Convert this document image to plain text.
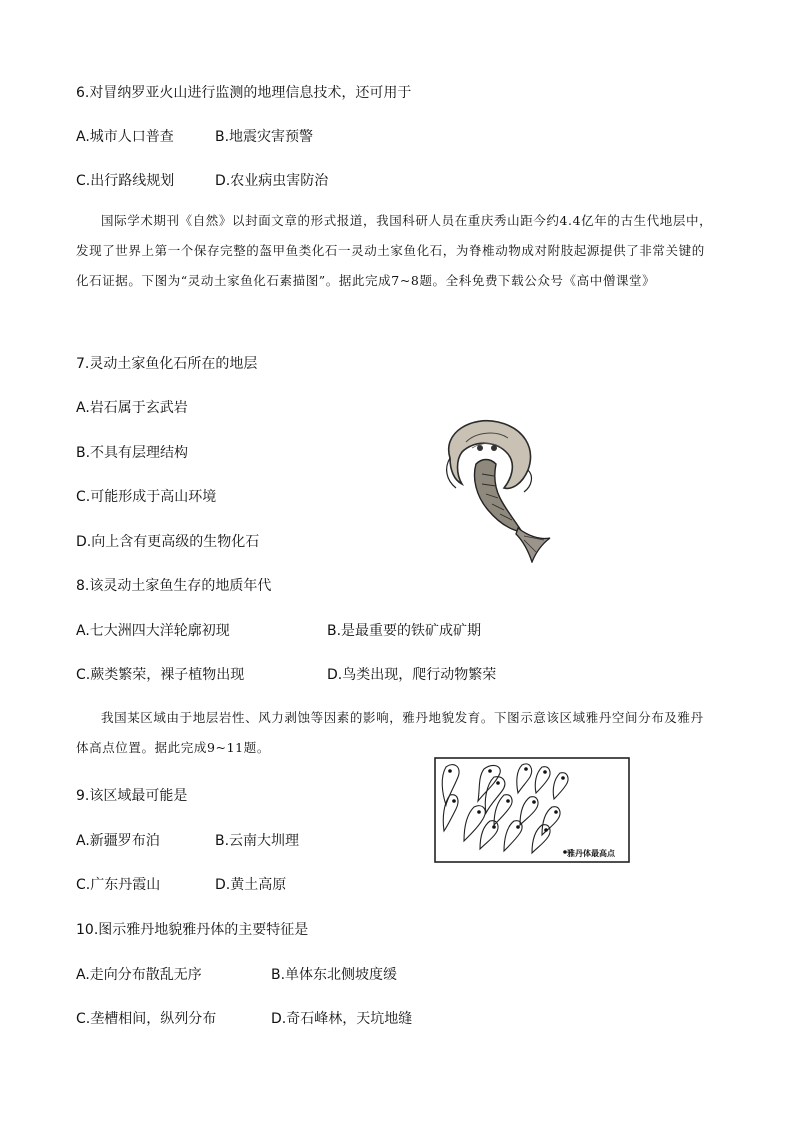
6.对冒纳罗亚火山进行监测的地理信息技术，还可用于
A.城市人口普查	B.地震灾害预警
C.出行路线规划	D.农业病虫害防治
国际学术期刊《自然》以封面文章的形式报道，我国科研人员在重庆秀山距今约4.4亿年的古生代地层中，发现了世界上第一个保存完整的盔甲鱼类化石一灵动土家鱼化石，为脊椎动物成对附肢起源提供了非常关键的化石证据。下图为“灵动土家鱼化石素描图”。据此完成7~8题。全科免费下载公众号《高中僧课堂》
7.灵动土家鱼化石所在的地层
A.岩石属于玄武岩
B.不具有层理结构
C.可能形成于高山环境
D.向上含有更高级的生物化石
8.该灵动土家鱼生存的地质年代
A.七大洲四大洋轮廓初现	B.是最重要的铁矿成矿期
C.蕨类繁荣，裸子植物出现	D.鸟类出现，爬行动物繁荣
我国某区域由于地层岩性、风力剥蚀等因素的影响，雅丹地貌发育。下图示意该区域雅丹空间分布及雅丹体高点位置。据此完成9~11题。
9.该区域最可能是
A.新疆罗布泊	B.云南大圳理
C.广东丹霞山	D.黄土高原
雅丹体最高点
10.图示雅丹地貌雅丹体的主要特征是
A.走向分布散乱无序	B.单体东北侧坡度缓
C.垄槽相间，纵列分布	D.奇石峰林，天坑地缝
